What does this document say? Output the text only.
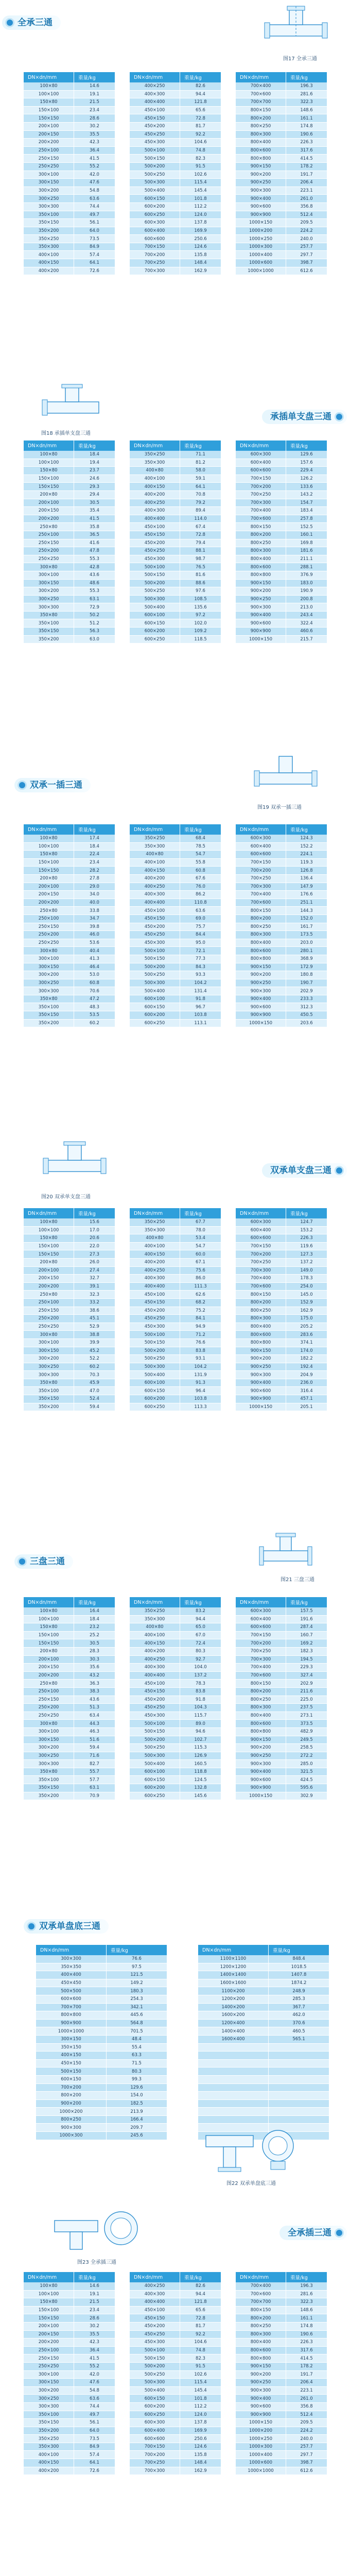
全承三通
图17 全承三通
DN×dn/mm	重量/kg
100×80	14.6
100×100	19.1
150×80	21.5
150×100	23.4
150×150	28.6
200×100	30.2
200×150	35.5
200×200	42.3
250×100	36.4
250×150	41.5
250×250	55.2
300×100	42.0
300×150	47.6
300×200	54.8
300×250	63.6
300×300	74.4
350×100	49.7
350×150	56.1
350×200	64.0
350×250	73.5
350×300	84.9
400×100	57.4
400×150	64.1
400×200	72.6
DN×dn/mm	重量/kg
400×250	82.6
400×300	94.4
400×400	121.8
450×100	65.6
450×150	72.8
450×200	81.7
450×250	92.2
450×300	104.6
500×100	74.8
500×150	82.3
500×200	91.5
500×250	102.6
500×300	115.4
500×400	145.4
600×150	101.8
600×200	112.2
600×250	124.0
600×300	137.8
600×400	169.9
600×600	250.6
700×150	124.6
700×200	135.8
700×250	148.4
700×300	162.9
DN×dn/mm	重量/kg
700×400	196.3
700×600	281.6
700×700	322.3
800×150	148.6
800×200	161.1
800×250	174.8
800×300	190.6
800×400	226.3
800×600	317.6
800×800	414.5
900×150	178.2
900×200	191.7
900×250	206.4
900×300	223.1
900×400	261.0
900×600	356.8
900×900	512.4
1000×150	209.5
1000×200	224.2
1000×250	240.0
1000×300	257.7
1000×400	297.7
1000×600	398.7
1000×1000	612.6
图18 承插单支盘三通
承插单支盘三通
DN×dn/mm	重量/kg
100×80	18.4
100×100	19.4
150×80	23.7
150×100	24.6
150×150	29.3
200×80	29.4
200×100	30.5
200×150	35.4
200×200	41.5
250×80	35.8
250×100	36.5
250×150	41.6
250×200	47.8
250×250	55.3
300×80	42.8
300×100	43.6
300×150	48.6
300×200	55.3
300×250	63.1
300×300	72.9
350×80	50.2
350×100	51.2
350×150	56.3
350×200	63.0
DN×dn/mm	重量/kg
350×250	71.1
350×300	81.2
400×80	58.0
400×100	59.1
400×150	64.1
400×200	70.8
400×250	79.2
400×300	89.4
400×400	114.0
450×100	67.4
450×150	72.8
450×200	79.4
450×250	88.1
450×300	98.7
500×100	76.5
500×150	81.6
500×200	88.6
500×250	97.6
500×300	108.5
500×400	135.6
600×100	97.2
600×150	102.0
600×200	109.2
600×250	118.5
DN×dn/mm	重量/kg
600×300	129.6
600×400	157.6
600×600	229.4
700×150	126.2
700×200	133.6
700×250	143.2
700×300	154.7
700×400	183.4
700×600	257.8
800×150	152.5
800×200	160.1
800×250	169.8
800×300	181.6
800×400	211.1
800×600	288.1
800×800	376.9
900×150	183.0
900×200	190.9
900×250	200.8
900×300	213.0
900×400	243.4
900×600	322.4
900×900	460.6
1000×150	215.7
双承一插三通
图19 双承一插三通
DN×dn/mm	重量/kg
100×80	17.4
100×100	18.4
150×80	22.4
150×100	23.4
150×150	28.2
200×80	27.8
200×100	29.0
200×150	34.0
200×200	40.0
250×80	33.8
250×100	34.7
250×150	39.8
250×200	46.0
250×250	53.6
300×80	40.4
300×100	41.3
300×150	46.4
300×200	53.0
300×250	60.8
300×300	70.6
350×80	47.2
350×100	48.3
350×150	53.5
350×200	60.2
DN×dn/mm	重量/kg
350×250	68.4
350×300	78.5
400×80	54.7
400×100	55.8
400×150	60.8
400×200	67.6
400×250	76.0
400×300	86.2
400×400	110.8
450×100	63.6
450×150	69.0
450×200	75.7
450×250	84.4
450×300	95.0
500×100	72.1
500×150	77.3
500×200	84.3
500×250	93.3
500×300	104.2
500×400	131.4
600×100	91.8
600×150	96.7
600×200	103.8
600×250	113.1
DN×dn/mm	重量/kg
600×300	124.3
600×400	152.2
600×600	224.1
700×150	119.3
700×200	126.8
700×250	136.4
700×300	147.9
700×400	176.6
700×600	251.1
800×150	144.3
800×200	152.0
800×250	161.7
800×300	173.5
800×400	203.0
800×600	280.1
800×800	368.9
900×150	172.9
900×200	180.8
900×250	190.7
900×300	202.9
900×400	233.3
900×600	312.3
900×900	450.5
1000×150	203.6
图20 双承单支盘三通
双承单支盘三通
DN×dn/mm	重量/kg
100×80	15.6
100×100	17.0
150×80	20.6
150×100	22.0
150×150	27.3
200×80	26.0
200×100	27.4
200×150	32.7
200×200	39.1
250×80	32.3
250×100	33.2
250×150	38.6
250×200	45.1
250×250	52.9
300×80	38.8
300×100	39.9
300×150	45.2
300×200	52.2
300×250	60.2
300×300	70.3
350×80	45.9
350×100	47.0
350×150	52.4
350×200	59.4
DN×dn/mm	重量/kg
350×250	67.7
350×300	78.0
400×80	53.4
400×100	54.7
400×150	60.0
400×200	67.1
400×250	75.6
400×300	86.0
400×400	111.3
450×100	62.6
450×150	68.2
450×200	75.2
450×250	84.1
450×300	94.9
500×100	71.2
500×150	76.6
500×200	83.8
500×250	93.1
500×300	104.2
500×400	131.9
600×100	91.3
600×150	96.4
600×200	103.8
600×250	113.3
DN×dn/mm	重量/kg
600×300	124.7
600×400	153.2
600×600	226.3
700×150	119.6
700×200	127.3
700×250	137.2
700×300	149.0
700×400	178.3
700×600	254.0
800×150	145.0
800×200	152.9
800×250	162.9
800×300	175.0
800×400	205.2
800×600	283.6
800×800	374.1
900×150	174.0
900×200	182.2
900×250	192.4
900×300	204.9
900×400	236.0
900×600	316.4
900×900	457.1
1000×150	205.1
三盘三通
图21 三盘三通
DN×dn/mm	重量/kg
100×80	16.4
100×100	18.4
150×80	23.2
150×100	25.2
150×150	30.5
200×80	28.3
200×100	30.3
200×150	35.6
200×200	43.2
250×80	36.3
250×100	38.3
250×150	43.6
250×200	51.3
250×250	63.4
300×80	44.3
300×100	46.3
300×150	51.6
300×200	59.4
300×250	71.6
300×300	82.7
350×80	55.7
350×100	57.7
350×150	63.1
350×200	70.9
DN×dn/mm	重量/kg
350×250	83.2
350×300	94.4
400×80	65.0
400×100	67.0
400×150	72.4
400×200	80.3
400×250	92.7
400×300	104.0
400×400	137.2
450×100	78.3
450×150	83.8
450×200	91.8
450×250	104.3
450×300	115.7
500×100	89.0
500×150	94.6
500×200	102.7
500×250	115.3
500×300	126.9
500×400	160.5
600×100	118.8
600×150	124.5
600×200	132.8
600×250	145.6
DN×dn/mm	重量/kg
600×300	157.5
600×400	191.6
600×600	287.4
700×150	160.7
700×200	169.2
700×250	182.3
700×300	194.5
700×400	229.3
700×600	327.4
800×150	202.9
800×200	211.6
800×250	225.0
800×300	237.5
800×400	273.1
800×600	373.5
800×800	482.9
900×150	249.5
900×200	258.5
900×250	272.2
900×300	285.0
900×400	321.5
900×600	424.5
900×900	595.6
1000×150	302.9
双承单盘底三通
DN×dn/mm	重量/kg
300×300	76.6
350×350	97.5
400×400	121.5
450×450	149.2
500×500	180.3
600×600	254.3
700×700	342.1
800×800	445.6
900×900	564.8
1000×1000	701.5
300×150	48.4
350×150	55.4
400×150	63.3
450×150	71.5
500×150	80.3
600×150	99.3
700×200	129.6
800×200	154.0
900×200	182.5
1000×200	213.9
800×250	166.4
900×300	209.7
1000×300	245.6
DN×dn/mm	重量/kg
1100×1100	848.4
1200×1200	1018.5
1400×1400	1407.8
1600×1600	1874.2
1100×200	248.9
1200×200	285.3
1400×200	367.7
1600×200	462.0
1200×400	370.6
1400×400	460.5
1600×400	565.1

图22 双承单盘底三通
图23 全承插三通
全承插三通
DN×dn/mm	重量/kg
100×80	14.6
100×100	19.1
150×80	21.5
150×100	23.4
150×150	28.6
200×100	30.2
200×150	35.5
200×200	42.3
250×100	36.4
250×150	41.5
250×250	55.2
300×100	42.0
300×150	47.6
300×200	54.8
300×250	63.6
300×300	74.4
350×100	49.7
350×150	56.1
350×200	64.0
350×250	73.5
350×300	84.9
400×100	57.4
400×150	64.1
400×200	72.6
DN×dn/mm	重量/kg
400×250	82.6
400×300	94.4
400×400	121.8
450×100	65.6
450×150	72.8
450×200	81.7
450×250	92.2
450×300	104.6
500×100	74.8
500×150	82.3
500×200	91.5
500×250	102.6
500×300	115.4
500×400	145.4
600×150	101.8
600×200	112.2
600×250	124.0
600×300	137.8
600×400	169.9
600×600	250.6
700×150	124.6
700×200	135.8
700×250	148.4
700×300	162.9
DN×dn/mm	重量/kg
700×400	196.3
700×600	281.6
700×700	322.3
800×150	148.6
800×200	161.1
800×250	174.8
800×300	190.6
800×400	226.3
800×600	317.6
800×800	414.5
900×150	178.2
900×200	191.7
900×250	206.4
900×300	223.1
900×400	261.0
900×600	356.8
900×900	512.4
1000×150	209.5
1000×200	224.2
1000×250	240.0
1000×300	257.7
1000×400	297.7
1000×600	398.7
1000×1000	612.6
